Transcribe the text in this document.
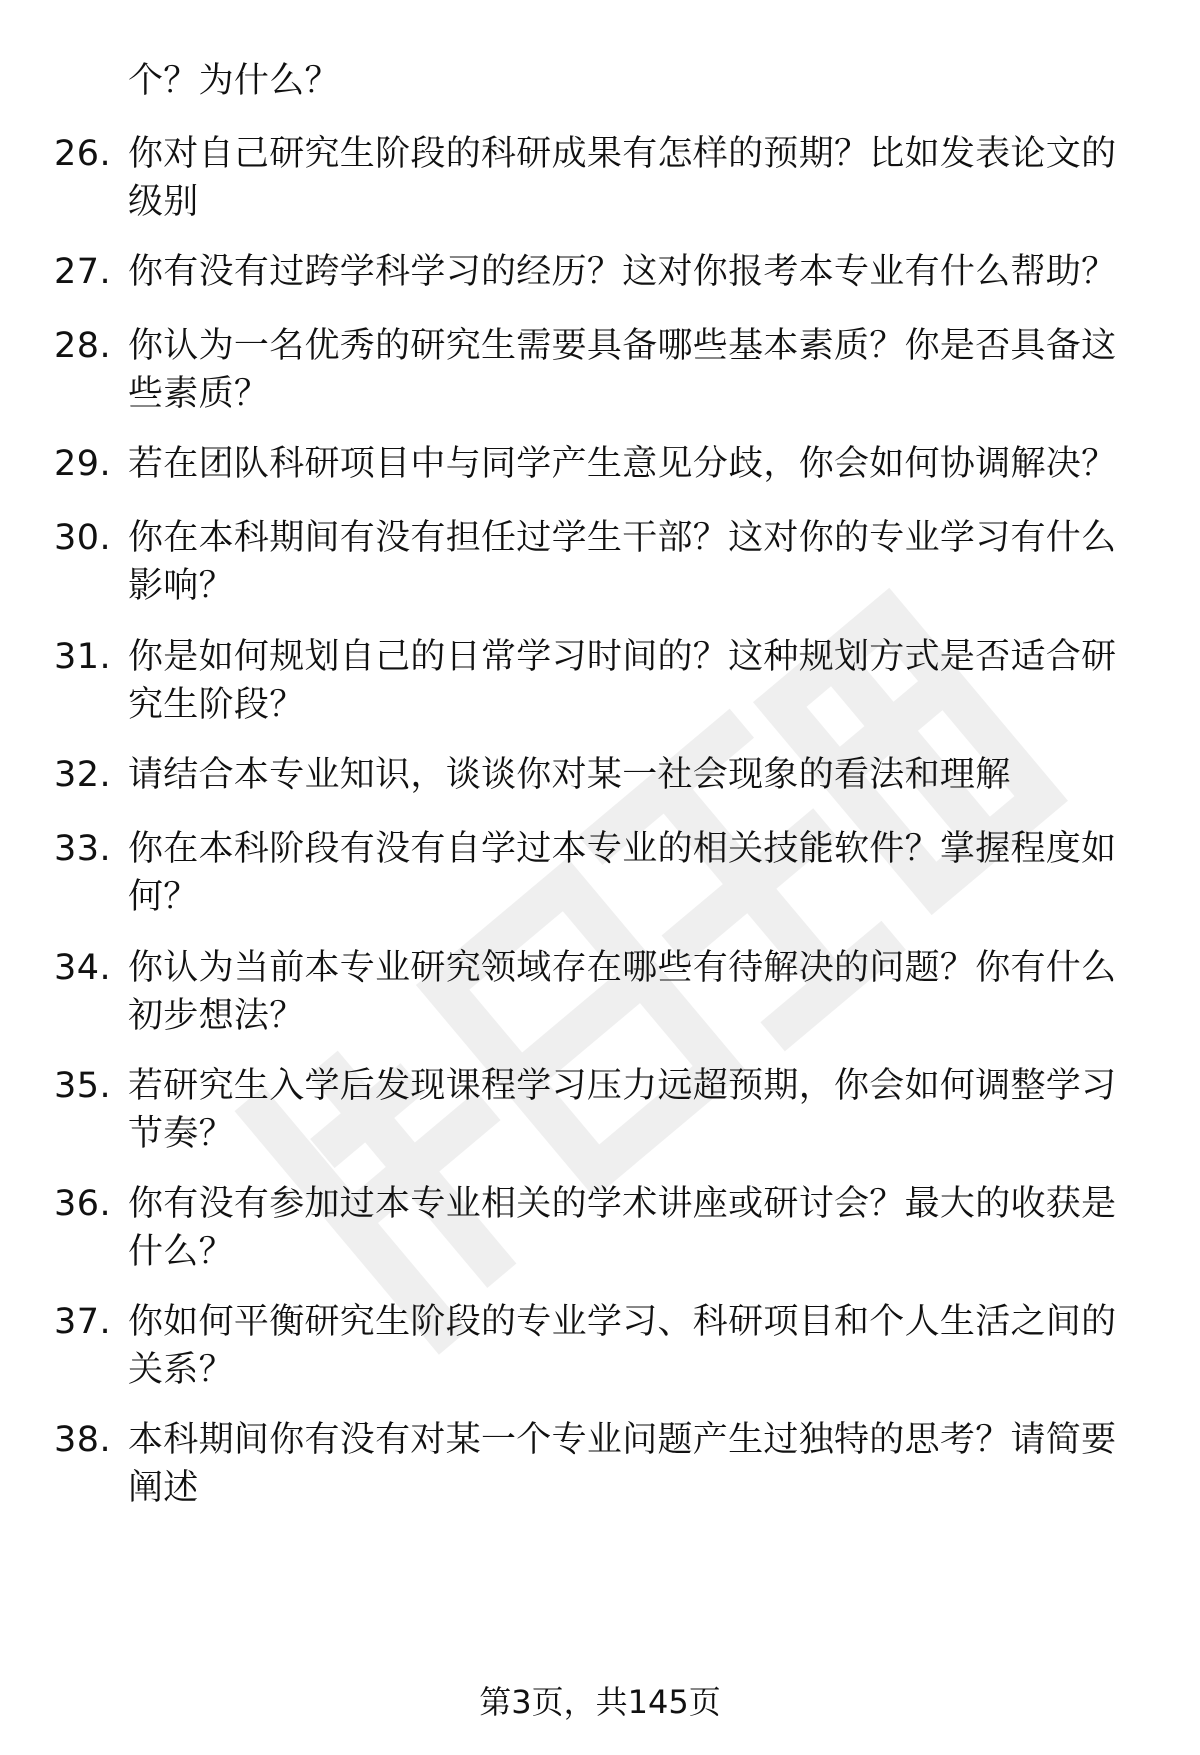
个？为什么？
26. 你对自己研究生阶段的科研成果有怎样的预期？比如发表论文的级别
27. 你有没有过跨学科学习的经历？这对你报考本专业有什么帮助？
28. 你认为一名优秀的研究生需要具备哪些基本素质？你是否具备这些素质？
29. 若在团队科研项目中与同学产生意见分歧，你会如何协调解决？
30. 你在本科期间有没有担任过学生干部？这对你的专业学习有什么影响？
31. 你是如何规划自己的日常学习时间的？这种规划方式是否适合研究生阶段？
32. 请结合本专业知识，谈谈你对某一社会现象的看法和理解
33. 你在本科阶段有没有自学过本专业的相关技能软件？掌握程度如何？
34. 你认为当前本专业研究领域存在哪些有待解决的问题？你有什么初步想法？
35. 若研究生入学后发现课程学习压力远超预期，你会如何调整学习节奏？
36. 你有没有参加过本专业相关的学术讲座或研讨会？最大的收获是什么？
37. 你如何平衡研究生阶段的专业学习、科研项目和个人生活之间的关系？
38. 本科期间你有没有对某一个专业问题产生过独特的思考？请简要阐述
第3页，共145页
